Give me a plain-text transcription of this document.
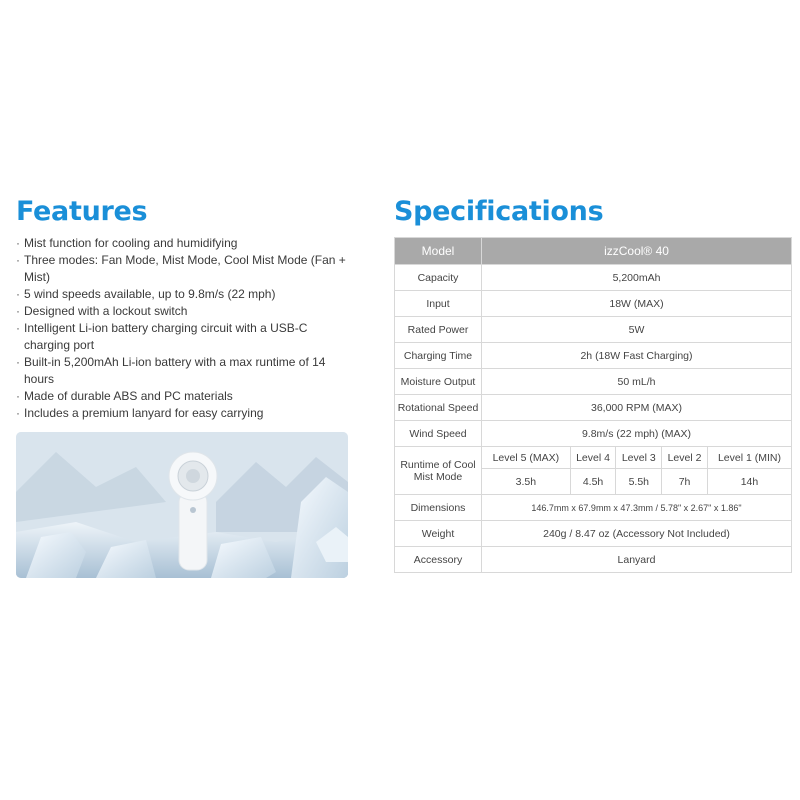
Features
· Mist function for cooling and humidifying
· Three modes: Fan Mode, Mist Mode, Cool Mist Mode (Fan + Mist)
· 5 wind speeds available, up to 9.8m/s (22 mph)
· Designed with a lockout switch
· Intelligent Li-ion battery charging circuit with a USB-C charging port
· Built-in 5,200mAh Li-ion battery with a max runtime of 14 hours
· Made of durable ABS and PC materials
· Includes a premium lanyard for easy carrying
Specifications
Model	izzCool® 40				
Capacity	5,200mAh				
Input	18W (MAX)				
Rated Power	5W				
Charging Time	2h (18W Fast Charging)				
Moisture Output	50 mL/h				
Rotational Speed	36,000 RPM (MAX)				
Wind Speed	9.8m/s (22 mph) (MAX)				
Runtime of Cool Mist Mode	Level 5 (MAX)	Level 4	Level 3	Level 2	Level 1 (MIN)
	3.5h	4.5h	5.5h	7h	14h
Dimensions	146.7mm x 67.9mm x 47.3mm / 5.78" x 2.67" x 1.86"				
Weight	240g / 8.47 oz (Accessory Not Included)				
Accessory	Lanyard				
